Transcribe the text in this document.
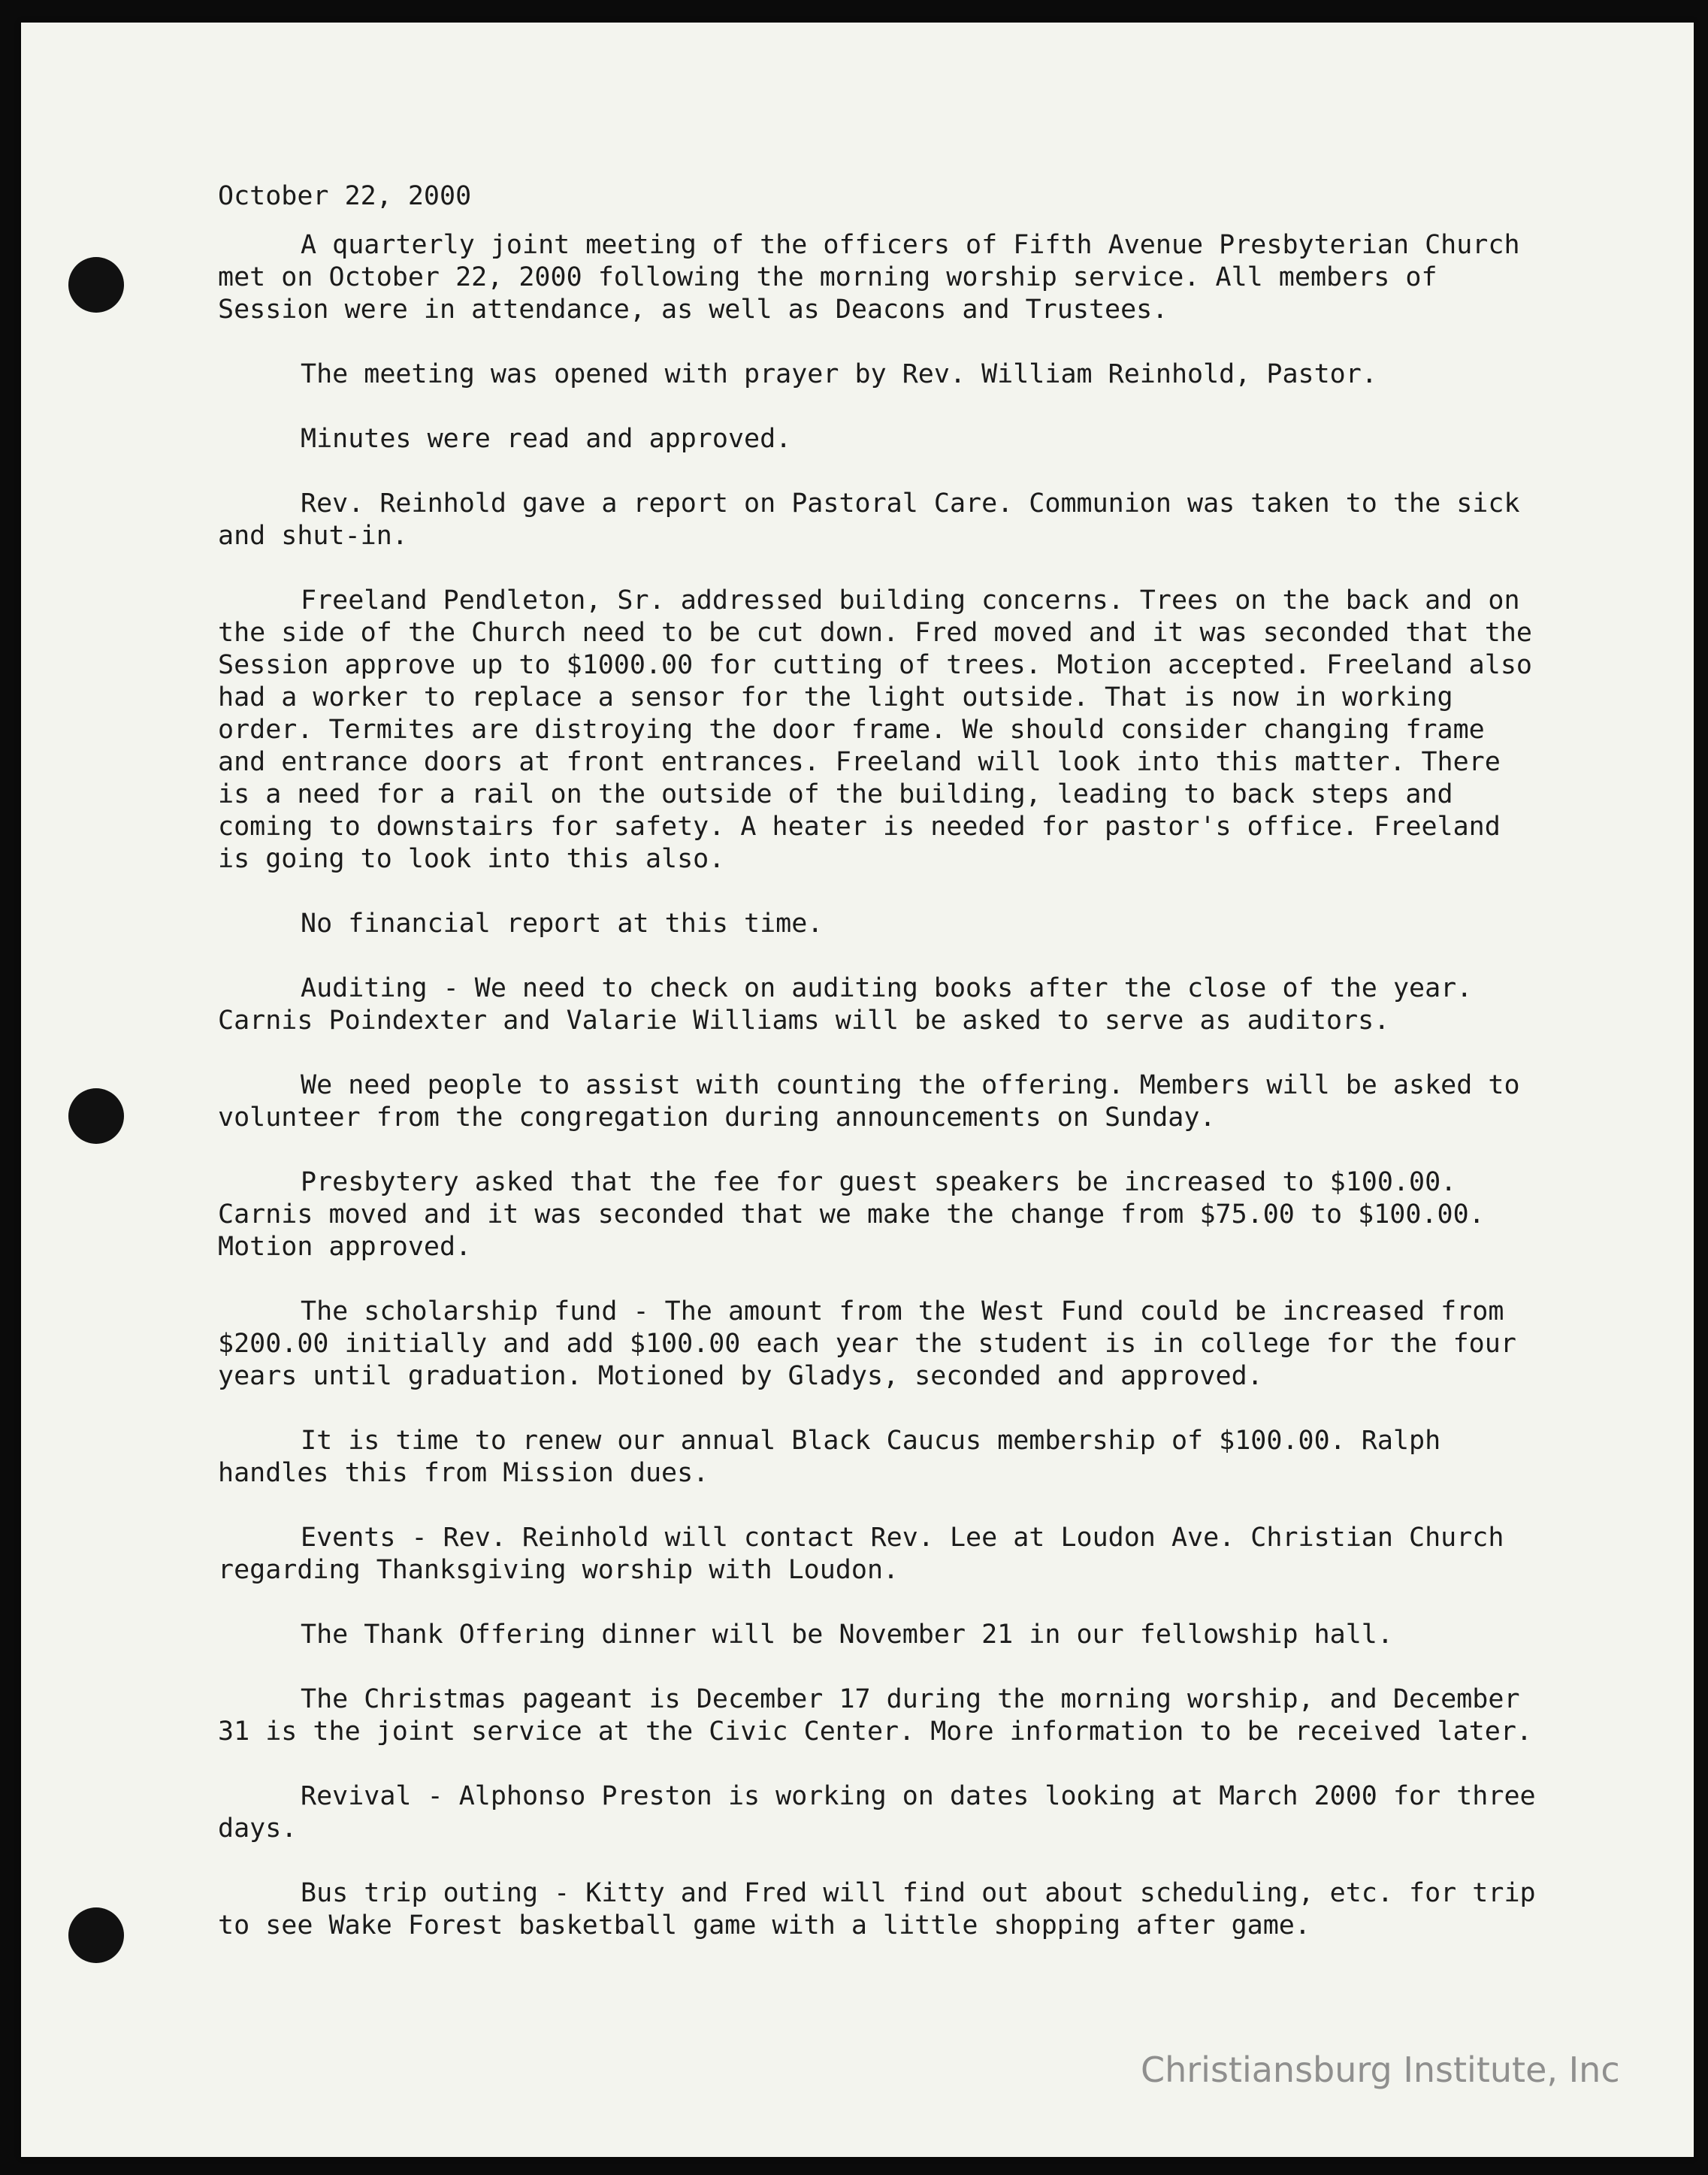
October 22, 2000

A quarterly joint meeting of the officers of Fifth Avenue Presbyterian Church met on October 22, 2000 following the morning worship service. All members of Session were in attendance, as well as Deacons and Trustees.

The meeting was opened with prayer by Rev. William Reinhold, Pastor.

Minutes were read and approved.

Rev. Reinhold gave a report on Pastoral Care. Communion was taken to the sick and shut-in.

Freeland Pendleton, Sr. addressed building concerns. Trees on the back and on the side of the Church need to be cut down. Fred moved and it was seconded that the Session approve up to $1000.00 for cutting of trees. Motion accepted. Freeland also had a worker to replace a sensor for the light outside. That is now in working order. Termites are distroying the door frame. We should consider changing frame and entrance doors at front entrances. Freeland will look into this matter. There is a need for a rail on the outside of the building, leading to back steps and coming to downstairs for safety. A heater is needed for pastor's office. Freeland is going to look into this also.

No financial report at this time.

Auditing - We need to check on auditing books after the close of the year. Carnis Poindexter and Valarie Williams will be asked to serve as auditors.

We need people to assist with counting the offering. Members will be asked to volunteer from the congregation during announcements on Sunday.

Presbytery asked that the fee for guest speakers be increased to $100.00. Carnis moved and it was seconded that we make the change from $75.00 to $100.00. Motion approved.

The scholarship fund - The amount from the West Fund could be increased from $200.00 initially and add $100.00 each year the student is in college for the four years until graduation. Motioned by Gladys, seconded and approved.

It is time to renew our annual Black Caucus membership of $100.00. Ralph handles this from Mission dues.

Events - Rev. Reinhold will contact Rev. Lee at Loudon Ave. Christian Church regarding Thanksgiving worship with Loudon.

The Thank Offering dinner will be November 21 in our fellowship hall.

The Christmas pageant is December 17 during the morning worship, and December 31 is the joint service at the Civic Center. More information to be received later.

Revival - Alphonso Preston is working on dates looking at March 2000 for three days.

Bus trip outing - Kitty and Fred will find out about scheduling, etc. for trip to see Wake Forest basketball game with a little shopping after game.

Christiansburg Institute, Inc
